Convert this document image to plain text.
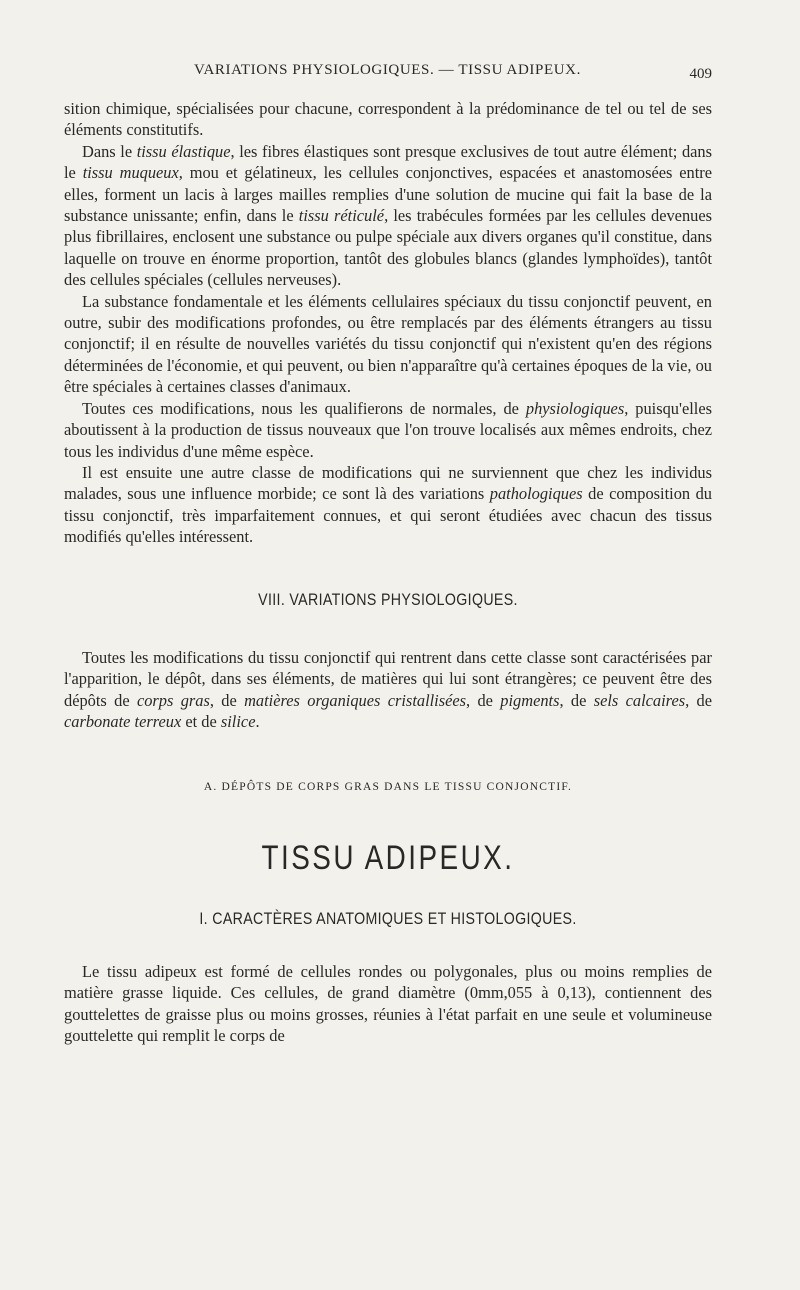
VARIATIONS PHYSIOLOGIQUES. — TISSU ADIPEUX.	409

sition chimique, spécialisées pour chacune, correspondent à la prédominance de tel ou tel de ses éléments constitutifs.

Dans le tissu élastique, les fibres élastiques sont presque exclusives de tout autre élément; dans le tissu muqueux, mou et gélatineux, les cellules conjonctives, espacées et anastomosées entre elles, forment un lacis à larges mailles remplies d'une solution de mucine qui fait la base de la substance unissante; enfin, dans le tissu réticulé, les trabécules formées par les cellules devenues plus fibrillaires, enclosent une substance ou pulpe spéciale aux divers organes qu'il constitue, dans laquelle on trouve en énorme proportion, tantôt des globules blancs (glandes lymphoïdes), tantôt des cellules spéciales (cellules nerveuses).

La substance fondamentale et les éléments cellulaires spéciaux du tissu conjonctif peuvent, en outre, subir des modifications profondes, ou être remplacés par des éléments étrangers au tissu conjonctif; il en résulte de nouvelles variétés du tissu conjonctif qui n'existent qu'en des régions déterminées de l'économie, et qui peuvent, ou bien n'apparaître qu'à certaines époques de la vie, ou être spéciales à certaines classes d'animaux.

Toutes ces modifications, nous les qualifierons de normales, de physiologiques, puisqu'elles aboutissent à la production de tissus nouveaux que l'on trouve localisés aux mêmes endroits, chez tous les individus d'une même espèce.

Il est ensuite une autre classe de modifications qui ne surviennent que chez les individus malades, sous une influence morbide; ce sont là des variations pathologiques de composition du tissu conjonctif, très imparfaitement connues, et qui seront étudiées avec chacun des tissus modifiés qu'elles intéressent.

VIII. VARIATIONS PHYSIOLOGIQUES.

Toutes les modifications du tissu conjonctif qui rentrent dans cette classe sont caractérisées par l'apparition, le dépôt, dans ses éléments, de matières qui lui sont étrangères; ce peuvent être des dépôts de corps gras, de matières organiques cristallisées, de pigments, de sels calcaires, de carbonate terreux et de silice.

A. DÉPÔTS DE CORPS GRAS DANS LE TISSU CONJONCTIF.
TISSU ADIPEUX.
I. CARACTÈRES ANATOMIQUES ET HISTOLOGIQUES.

Le tissu adipeux est formé de cellules rondes ou polygonales, plus ou moins remplies de matière grasse liquide. Ces cellules, de grand diamètre (0mm,055 à 0,13), contiennent des gouttelettes de graisse plus ou moins grosses, réunies à l'état parfait en une seule et volumineuse gouttelette qui remplit le corps de
